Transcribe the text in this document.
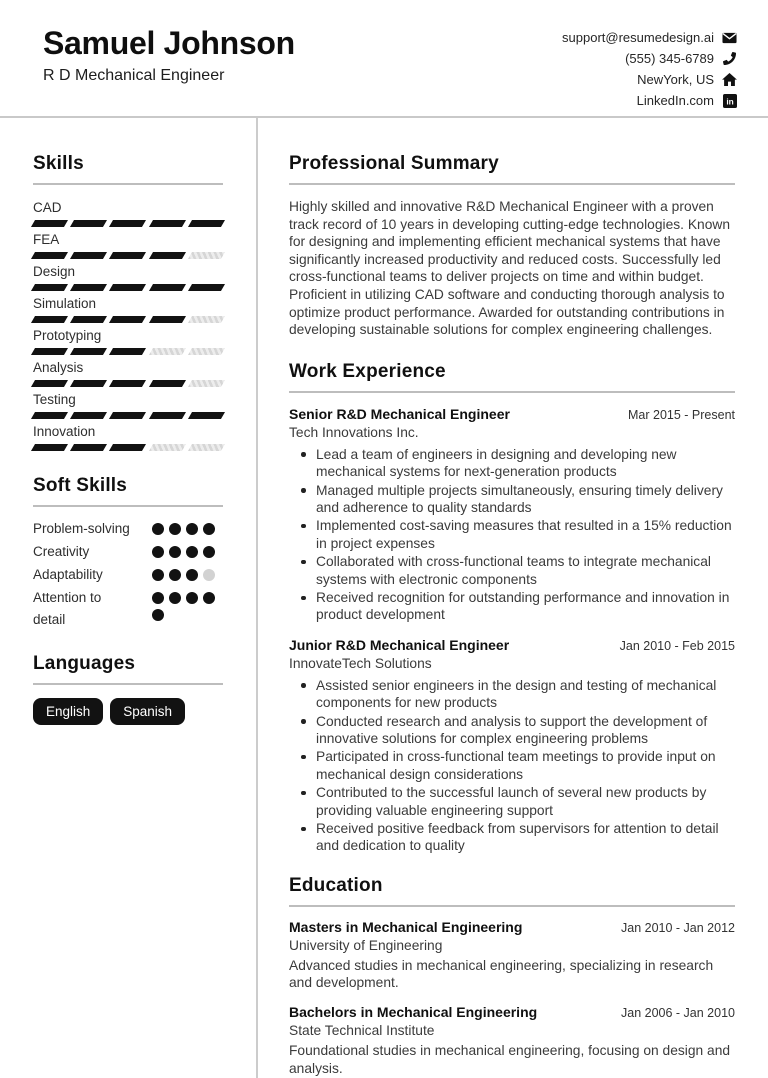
Samuel Johnson
R D Mechanical Engineer
support@resumedesign.ai
(555) 345-6789
NewYork, US
LinkedIn.com in
Skills
CAD
FEA
Design
Simulation
Prototyping
Analysis
Testing
Innovation
Soft Skills
Problem-solving
Creativity
Adaptability
Attention to detail
Languages
English	Spanish
Professional Summary

Highly skilled and innovative R&D Mechanical Engineer with a proven track record of 10 years in developing cutting-edge technologies. Known for designing and implementing efficient mechanical systems that have significantly increased productivity and reduced costs. Successfully led cross-functional teams to deliver projects on time and within budget. Proficient in utilizing CAD software and conducting thorough analysis to optimize product performance. Awarded for outstanding contributions in developing sustainable solutions for complex engineering challenges.

Work Experience
Senior R&D Mechanical Engineer	Mar 2015 - Present
Tech Innovations Inc.
Lead a team of engineers in designing and developing new mechanical systems for next-generation products
Managed multiple projects simultaneously, ensuring timely delivery and adherence to quality standards
Implemented cost-saving measures that resulted in a 15% reduction in project expenses
Collaborated with cross-functional teams to integrate mechanical systems with electronic components
Received recognition for outstanding performance and innovation in product development
Junior R&D Mechanical Engineer	Jan 2010 - Feb 2015
InnovateTech Solutions
Assisted senior engineers in the design and testing of mechanical components for new products
Conducted research and analysis to support the development of innovative solutions for complex engineering problems
Participated in cross-functional team meetings to provide input on mechanical design considerations
Contributed to the successful launch of several new products by providing valuable engineering support
Received positive feedback from supervisors for attention to detail and dedication to quality
Education
Masters in Mechanical Engineering	Jan 2010 - Jan 2012
University of Engineering
Advanced studies in mechanical engineering, specializing in research and development.
Bachelors in Mechanical Engineering	Jan 2006 - Jan 2010
State Technical Institute
Foundational studies in mechanical engineering, focusing on design and analysis.
